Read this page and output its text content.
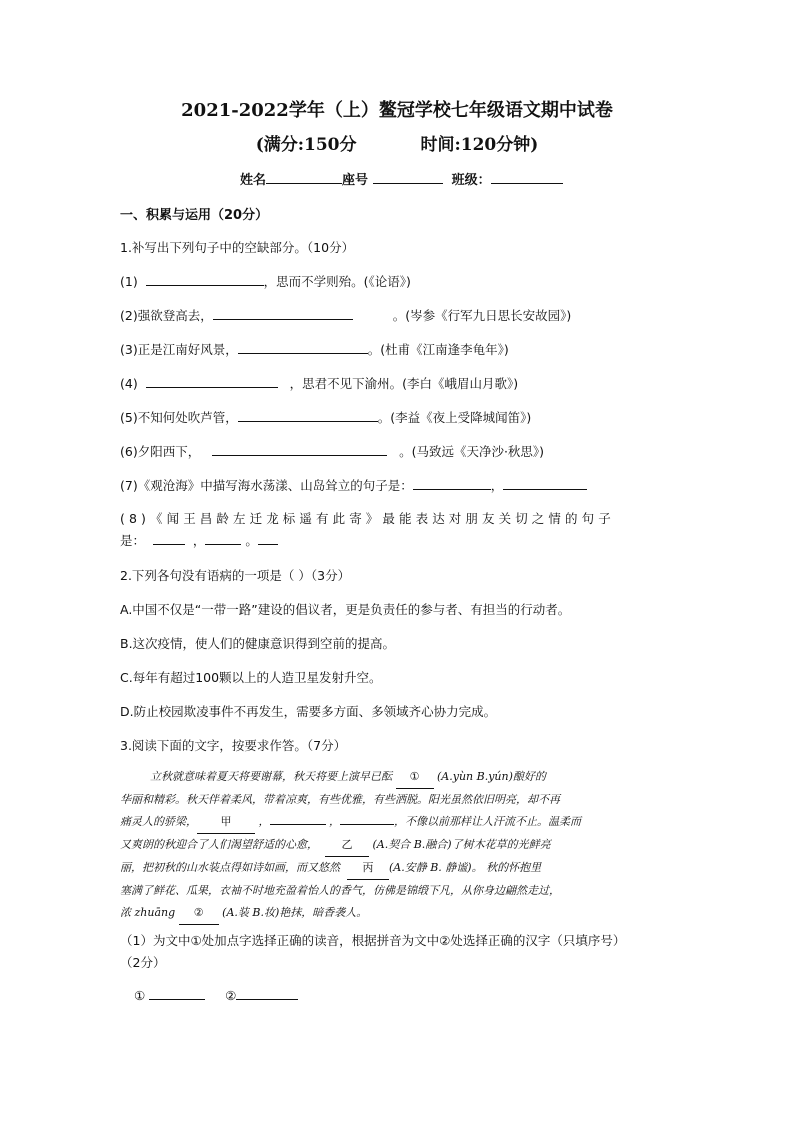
2021-2022学年（上）鳌冠学校七年级语文期中试卷
(满分:150分	时间:120分钟)
姓名	座号	班级：
一、积累与运用（20分）
1.补写出下列句子中的空缺部分。（10分）
(1)	，思而不学则殆。(《论语》)
(2)强欲登高去，	。(岑参《行军九日思长安故园》)
(3)正是江南好风景，	。(杜甫《江南逢李龟年》)
(4)	，思君不见下渝州。(李白《峨眉山月歌》)
(5)不知何处吹芦管，	。(李益《夜上受降城闻笛》)
(6)夕阳西下，	。(马致远《天净沙·秋思》)
(7)《观沧海》中描写海水荡漾、山岛耸立的句子是：	，
(8)《闻王昌龄左迁龙标遥有此寄》最能表达对朋友关切之情的句子
是：	，	。
2.下列各句没有语病的一项是（ ）（3分）
A.中国不仅是“一带一路”建设的倡议者，更是负责任的参与者、有担当的行动者。
B.这次疫情，使人们的健康意识得到空前的提高。
C.每年有超过100颗以上的人造卫星发射升空。
D.防止校园欺凌事件不再发生，需要多方面、多领域齐心协力完成。
3.阅读下面的文字，按要求作答。（7分）
立秋就意味着夏天将要谢幕，秋天将要上演早已酝 ① (A.yùn B.yún)酿好的
华丽和精彩。秋天伴着柔风，带着凉爽，有些优雅，有些洒脱。阳光虽然依旧明亮，却不再
痛灵人的骄梁， 甲 ，	，	，不像以前那样让人汗流不止。温柔而
又爽朗的秋迎合了人们渴望舒适的心愈， 乙 (A.契合 B.融合)了树木花草的光鲜亮
丽，把初秋的山水装点得如诗如画，而又悠然 丙 (A.安静 B. 静谧)。 秋的怀抱里
塞满了鲜花、瓜果，衣袖不时地充盈着怡人的香气，仿佛是锦缎下凡，从你身边翩然走过，
浓 zhuāng ② (A.装 B.妆)艳抹，暗香袭人。
（1）为文中①处加点字选择正确的读音，根据拼音为文中②处选择正确的汉字（只填序号）
（2分）
①	②
